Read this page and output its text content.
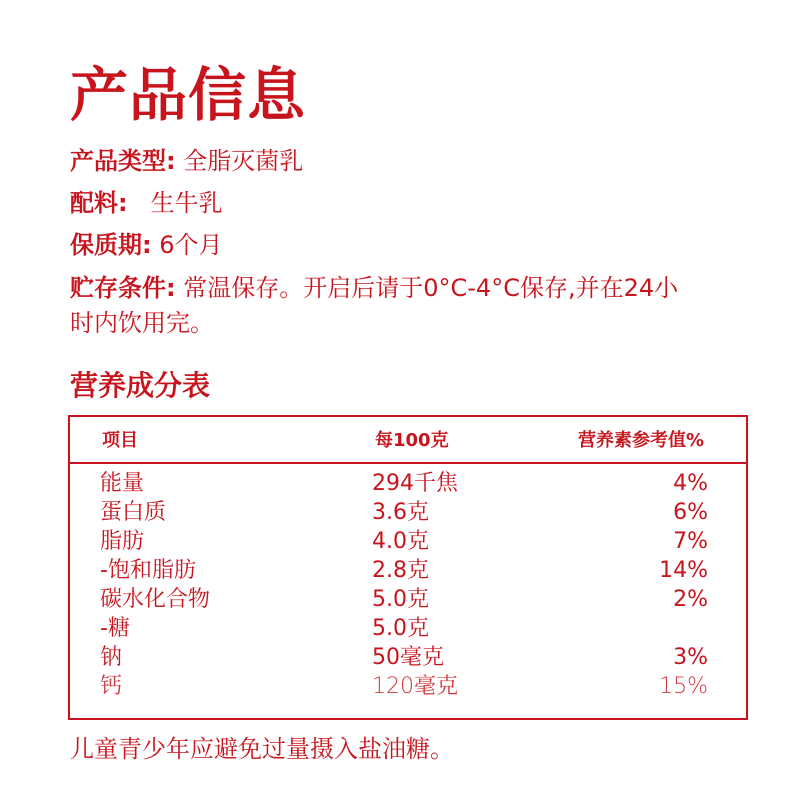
产品信息
产品类型: 全脂灭菌乳
配料: 生牛乳
保质期: 6个月
贮存条件: 常温保存。开启后请于0°C-4°C保存,并在24小
时内饮用完。
营养成分表
项目	每100克	营养素参考值%
能量	294千焦	4%
蛋白质	3.6克	6%
脂肪	4.0克	7%
-饱和脂肪	2.8克	14%
碳水化合物	5.0克	2%
-糖	5.0克
钠	50毫克	3%
钙	120毫克	15%
儿童青少年应避免过量摄入盐油糖。
